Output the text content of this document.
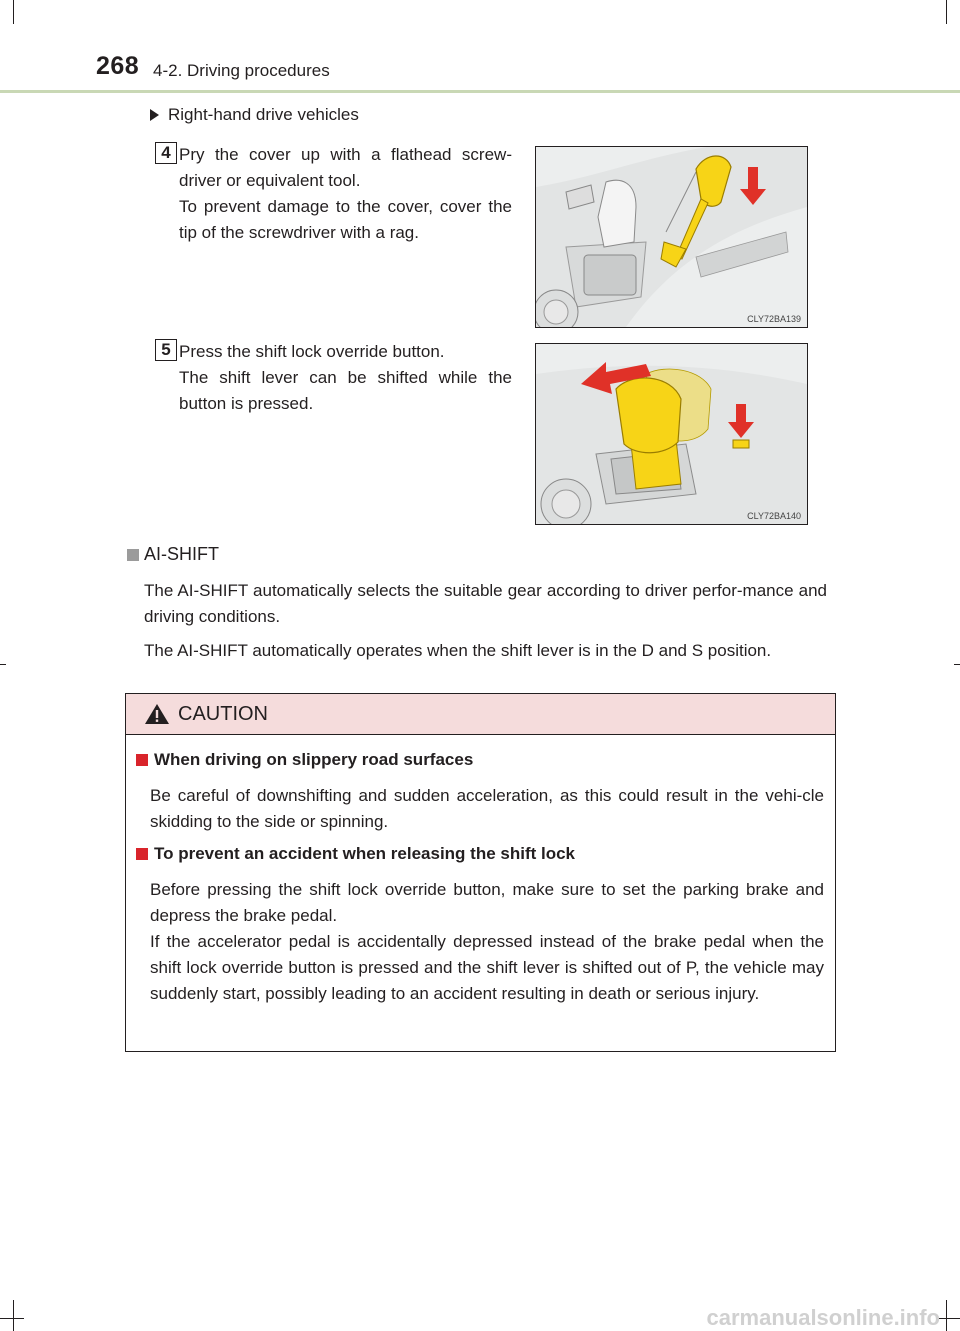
268 4-2. Driving procedures
Right-hand drive vehicles
4 Pry the cover up with a flathead screw-driver or equivalent tool.

To prevent damage to the cover, cover the tip of the screwdriver with a rag.

CLY72BA139
5 Press the shift lock override button.

The shift lever can be shifted while the button is pressed.

CLY72BA140
AI-SHIFT
The AI-SHIFT automatically selects the suitable gear according to driver perfor-mance and driving conditions.
The AI-SHIFT automatically operates when the shift lever is in the D and S position.
CAUTION
When driving on slippery road surfaces

Be careful of downshifting and sudden acceleration, as this could result in the vehi-cle skidding to the side or spinning.

To prevent an accident when releasing the shift lock

Before pressing the shift lock override button, make sure to set the parking brake and depress the brake pedal.

If the accelerator pedal is accidentally depressed instead of the brake pedal when the shift lock override button is pressed and the shift lever is shifted out of P, the vehicle may suddenly start, possibly leading to an accident resulting in death or serious injury.

carmanualsonline.info
